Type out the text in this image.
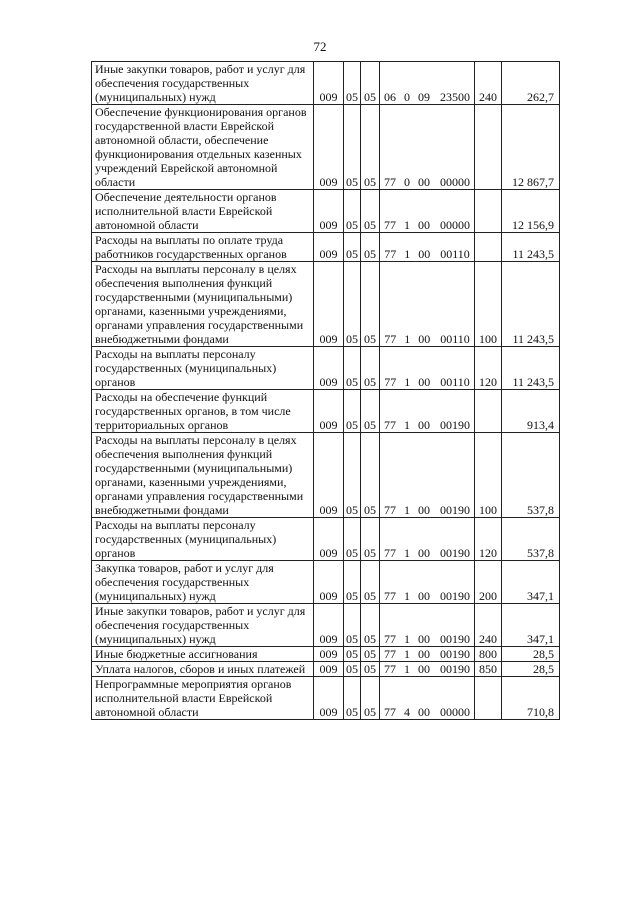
72
Иные закупки товаров, работ и услуг для обеспечения государственных (муниципальных) нужд	009	05	05	06 0 09 23500	240	262,7
Обеспечение функционирования органов государственной власти Еврейской автономной области, обеспечение функционирования отдельных казенных учреждений Еврейской автономной области	009	05	05	77 0 00 00000		12 867,7
Обеспечение деятельности органов исполнительной власти Еврейской автономной области	009	05	05	77 1 00 00000		12 156,9
Расходы на выплаты по оплате труда работников государственных органов	009	05	05	77 1 00 00110		11 243,5
Расходы на выплаты персоналу в целях обеспечения выполнения функций государственными (муниципальными) органами, казенными учреждениями, органами управления государственными внебюджетными фондами	009	05	05	77 1 00 00110	100	11 243,5
Расходы на выплаты персоналу государственных (муниципальных) органов	009	05	05	77 1 00 00110	120	11 243,5
Расходы на обеспечение функций государственных органов, в том числе территориальных органов	009	05	05	77 1 00 00190		913,4
Расходы на выплаты персоналу в целях обеспечения выполнения функций государственными (муниципальными) органами, казенными учреждениями, органами управления государственными внебюджетными фондами	009	05	05	77 1 00 00190	100	537,8
Расходы на выплаты персоналу государственных (муниципальных) органов	009	05	05	77 1 00 00190	120	537,8
Закупка товаров, работ и услуг для обеспечения государственных (муниципальных) нужд	009	05	05	77 1 00 00190	200	347,1
Иные закупки товаров, работ и услуг для обеспечения государственных (муниципальных) нужд	009	05	05	77 1 00 00190	240	347,1
Иные бюджетные ассигнования	009	05	05	77 1 00 00190	800	28,5
Уплата налогов, сборов и иных платежей	009	05	05	77 1 00 00190	850	28,5
Непрограммные мероприятия органов исполнительной власти Еврейской автономной области	009	05	05	77 4 00 00000		710,8
